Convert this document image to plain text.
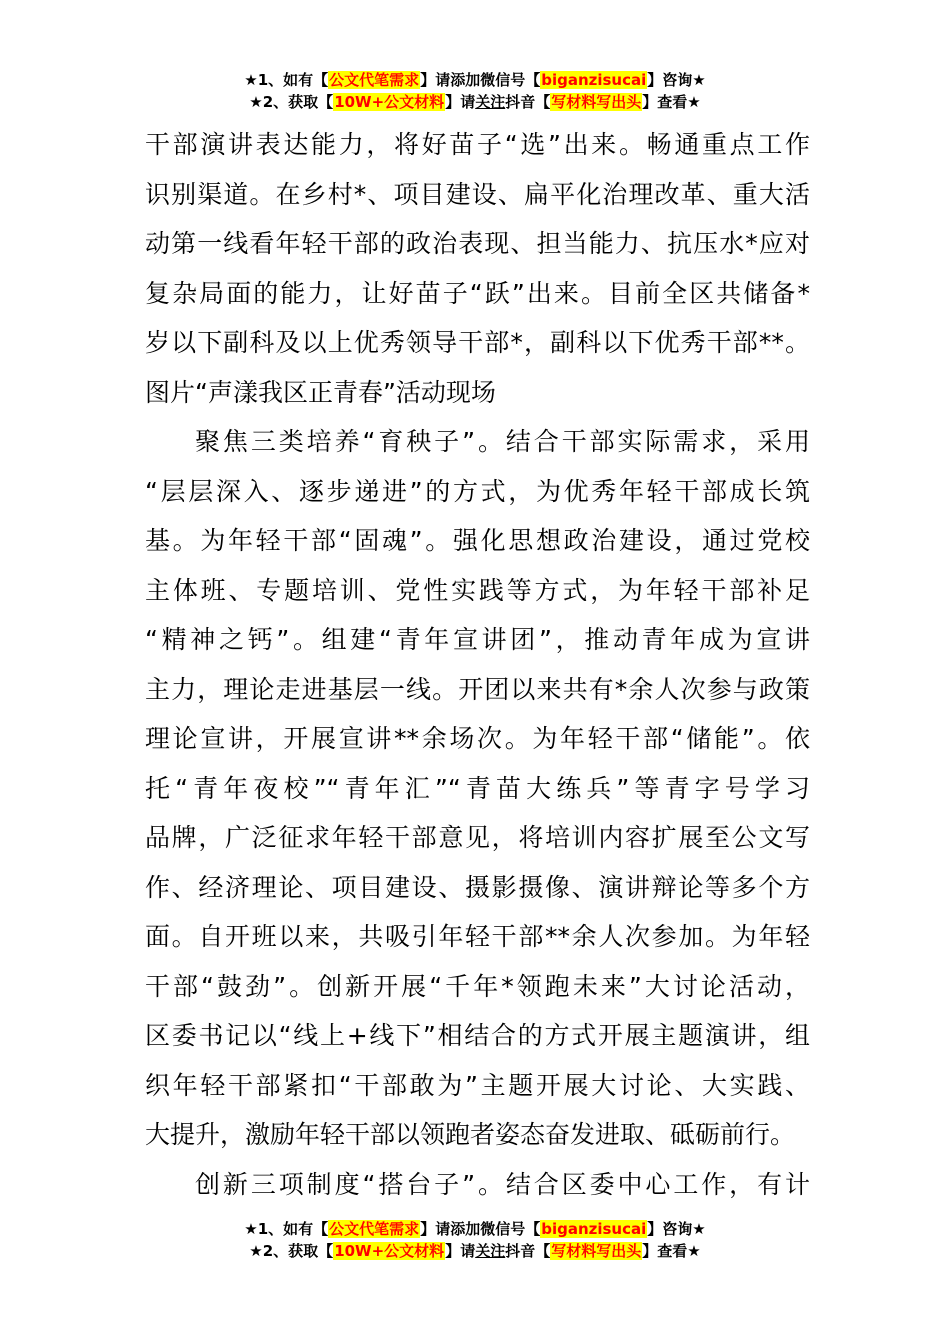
★1、如有【公文代笔需求】请添加微信号【biganzisucai】咨询★
★2、获取【10W+公文材料】请关注抖音【写材料写出头】查看★
干部演讲表达能力，将好苗子“选”出来。畅通重点工作
识别渠道。在乡村*、项目建设、扁平化治理改革、重大活
动第一线看年轻干部的政治表现、担当能力、抗压水*应对
复杂局面的能力，让好苗子“跃”出来。目前全区共储备*
岁以下副科及以上优秀领导干部*，副科以下优秀干部**。
图片“声漾我区正青春”活动现场
聚焦三类培养“育秧子”。结合干部实际需求，采用
“层层深入、逐步递进”的方式，为优秀年轻干部成长筑
基。为年轻干部“固魂”。强化思想政治建设，通过党校
主体班、专题培训、党性实践等方式，为年轻干部补足
“精神之钙”。组建“青年宣讲团”，推动青年成为宣讲
主力，理论走进基层一线。开团以来共有*余人次参与政策
理论宣讲，开展宣讲**余场次。为年轻干部“储能”。依
托“青年夜校”“青年汇”“青苗大练兵”等青字号学习
品牌，广泛征求年轻干部意见，将培训内容扩展至公文写
作、经济理论、项目建设、摄影摄像、演讲辩论等多个方
面。自开班以来，共吸引年轻干部**余人次参加。为年轻
干部“鼓劲”。创新开展“千年*领跑未来”大讨论活动，
区委书记以“线上+线下”相结合的方式开展主题演讲，组
织年轻干部紧扣“干部敢为”主题开展大讨论、大实践、
大提升，激励年轻干部以领跑者姿态奋发进取、砥砺前行。
创新三项制度“搭台子”。结合区委中心工作，有计
★1、如有【公文代笔需求】请添加微信号【biganzisucai】咨询★
★2、获取【10W+公文材料】请关注抖音【写材料写出头】查看★
